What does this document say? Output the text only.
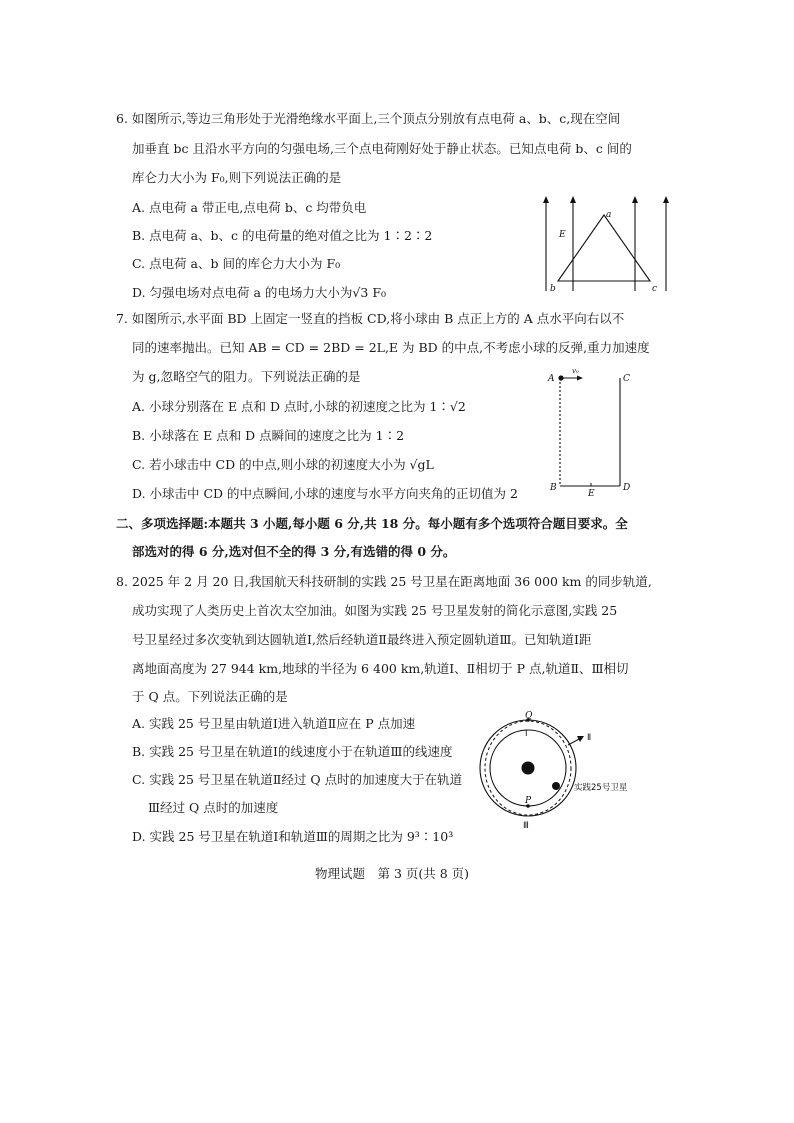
6. 如图所示,等边三角形处于光滑绝缘水平面上,三个顶点分别放有点电荷 a、b、c,现在空间
加垂直 bc 且沿水平方向的匀强电场,三个点电荷刚好处于静止状态。已知点电荷 b、c 间的
库仑力大小为 F₀,则下列说法正确的是
A. 点电荷 a 带正电,点电荷 b、c 均带负电
B. 点电荷 a、b、c 的电荷量的绝对值之比为 1∶2∶2
C. 点电荷 a、b 间的库仑力大小为 F₀
D. 匀强电场对点电荷 a 的电场力大小为√3 F₀
E
a
b	c
7. 如图所示,水平面 BD 上固定一竖直的挡板 CD,将小球由 B 点正上方的 A 点水平向右以不
同的速率抛出。已知 AB = CD = 2BD = 2L,E 为 BD 的中点,不考虑小球的反弹,重力加速度
为 g,忽略空气的阻力。下列说法正确的是
A. 小球分别落在 E 点和 D 点时,小球的初速度之比为 1∶√2
B. 小球落在 E 点和 D 点瞬间的速度之比为 1∶2
C. 若小球击中 CD 的中点,则小球的初速度大小为 √gL
D. 小球击中 CD 的中点瞬间,小球的速度与水平方向夹角的正切值为 2
A
v₀
C
B
E
D
二、多项选择题:本题共 3 小题,每小题 6 分,共 18 分。每小题有多个选项符合题目要求。全
部选对的得 6 分,选对但不全的得 3 分,有选错的得 0 分。
8. 2025 年 2 月 20 日,我国航天科技研制的实践 25 号卫星在距离地面 36 000 km 的同步轨道,
成功实现了人类历史上首次太空加油。如图为实践 25 号卫星发射的简化示意图,实践 25
号卫星经过多次变轨到达圆轨道Ⅰ,然后经轨道Ⅱ最终进入预定圆轨道Ⅲ。已知轨道Ⅰ距
离地面高度为 27 944 km,地球的半径为 6 400 km,轨道Ⅰ、Ⅱ相切于 P 点,轨道Ⅱ、Ⅲ相切
于 Q 点。下列说法正确的是
A. 实践 25 号卫星由轨道Ⅰ进入轨道Ⅱ应在 P 点加速
B. 实践 25 号卫星在轨道Ⅰ的线速度小于在轨道Ⅲ的线速度
C. 实践 25 号卫星在轨道Ⅱ经过 Q 点时的加速度大于在轨道
Ⅲ经过 Q 点时的加速度
D. 实践 25 号卫星在轨道Ⅰ和轨道Ⅲ的周期之比为 9³∶10³
Q
Ⅰ	Ⅱ
P
Ⅲ
实践25号卫星
物理试题　第 3 页(共 8 页)
